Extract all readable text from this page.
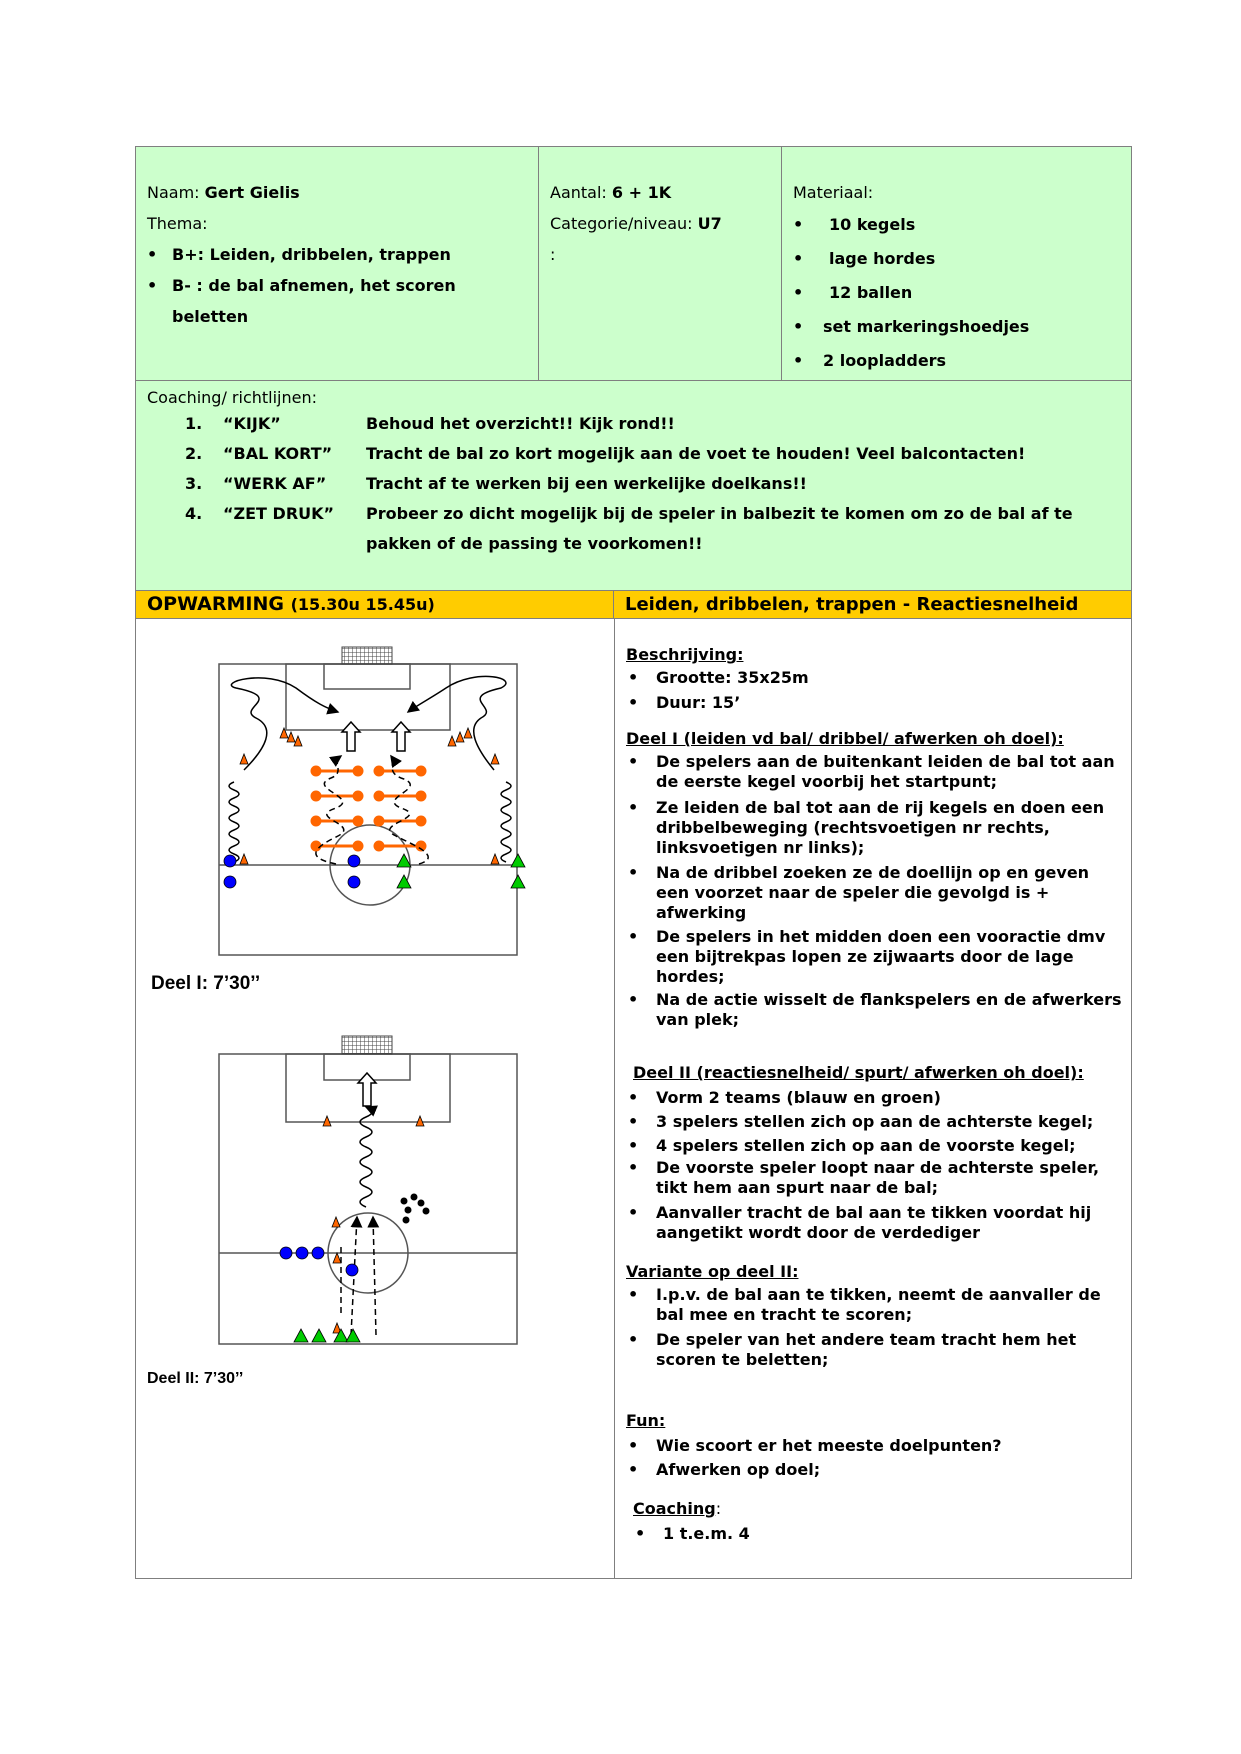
Naam: Gert Gielis
Thema:
• B+: Leiden, dribbelen, trappen
• B- : de bal afnemen, het scoren
beletten
Aantal: 6 + 1K
Categorie/niveau: U7
:
Materiaal:
• 10 kegels
• lage hordes
• 12 ballen
• set markeringshoedjes
• 2 loopladders
Coaching/ richtlijnen:
1. “KIJK”	Behoud het overzicht!! Kijk rond!!
2. “BAL KORT” Tracht de bal zo kort mogelijk aan de voet te houden! Veel balcontacten!
3. “WERK AF” Tracht af te werken bij een werkelijke doelkans!!
4. “ZET DRUK” Probeer zo dicht mogelijk bij de speler in balbezit te komen om zo de bal af te
pakken of de passing te voorkomen!!
OPWARMING (15.30u 15.45u)	Leiden, dribbelen, trappen - Reactiesnelheid
Deel I: 7’30’’
Deel II: 7’30’’
Beschrijving:
• Grootte: 35x25m
• Duur: 15’
Deel I (leiden vd bal/ dribbel/ afwerken oh doel):
• De spelers aan de buitenkant leiden de bal tot aan de eerste kegel voorbij het startpunt;
• Ze leiden de bal tot aan de rij kegels en doen een dribbelbeweging (rechtsvoetigen nr rechts, linksvoetigen nr links);
• Na de dribbel zoeken ze de doellijn op en geven een voorzet naar de speler die gevolgd is + afwerking
• De spelers in het midden doen een vooractie dmv een bijtrekpas lopen ze zijwaarts door de lage hordes;
• Na de actie wisselt de flankspelers en de afwerkers van plek;
Deel II (reactiesnelheid/ spurt/ afwerken oh doel):
• Vorm 2 teams (blauw en groen)
• 3 spelers stellen zich op aan de achterste kegel;
• 4 spelers stellen zich op aan de voorste kegel;
• De voorste speler loopt naar de achterste speler, tikt hem aan spurt naar de bal;
• Aanvaller tracht de bal aan te tikken voordat hij aangetikt wordt door de verdediger
Variante op deel II:
• I.p.v. de bal aan te tikken, neemt de aanvaller de bal mee en tracht te scoren;
• De speler van het andere team tracht hem het scoren te beletten;
Fun:
• Wie scoort er het meeste doelpunten?
• Afwerken op doel;
Coaching:
• 1 t.e.m. 4
